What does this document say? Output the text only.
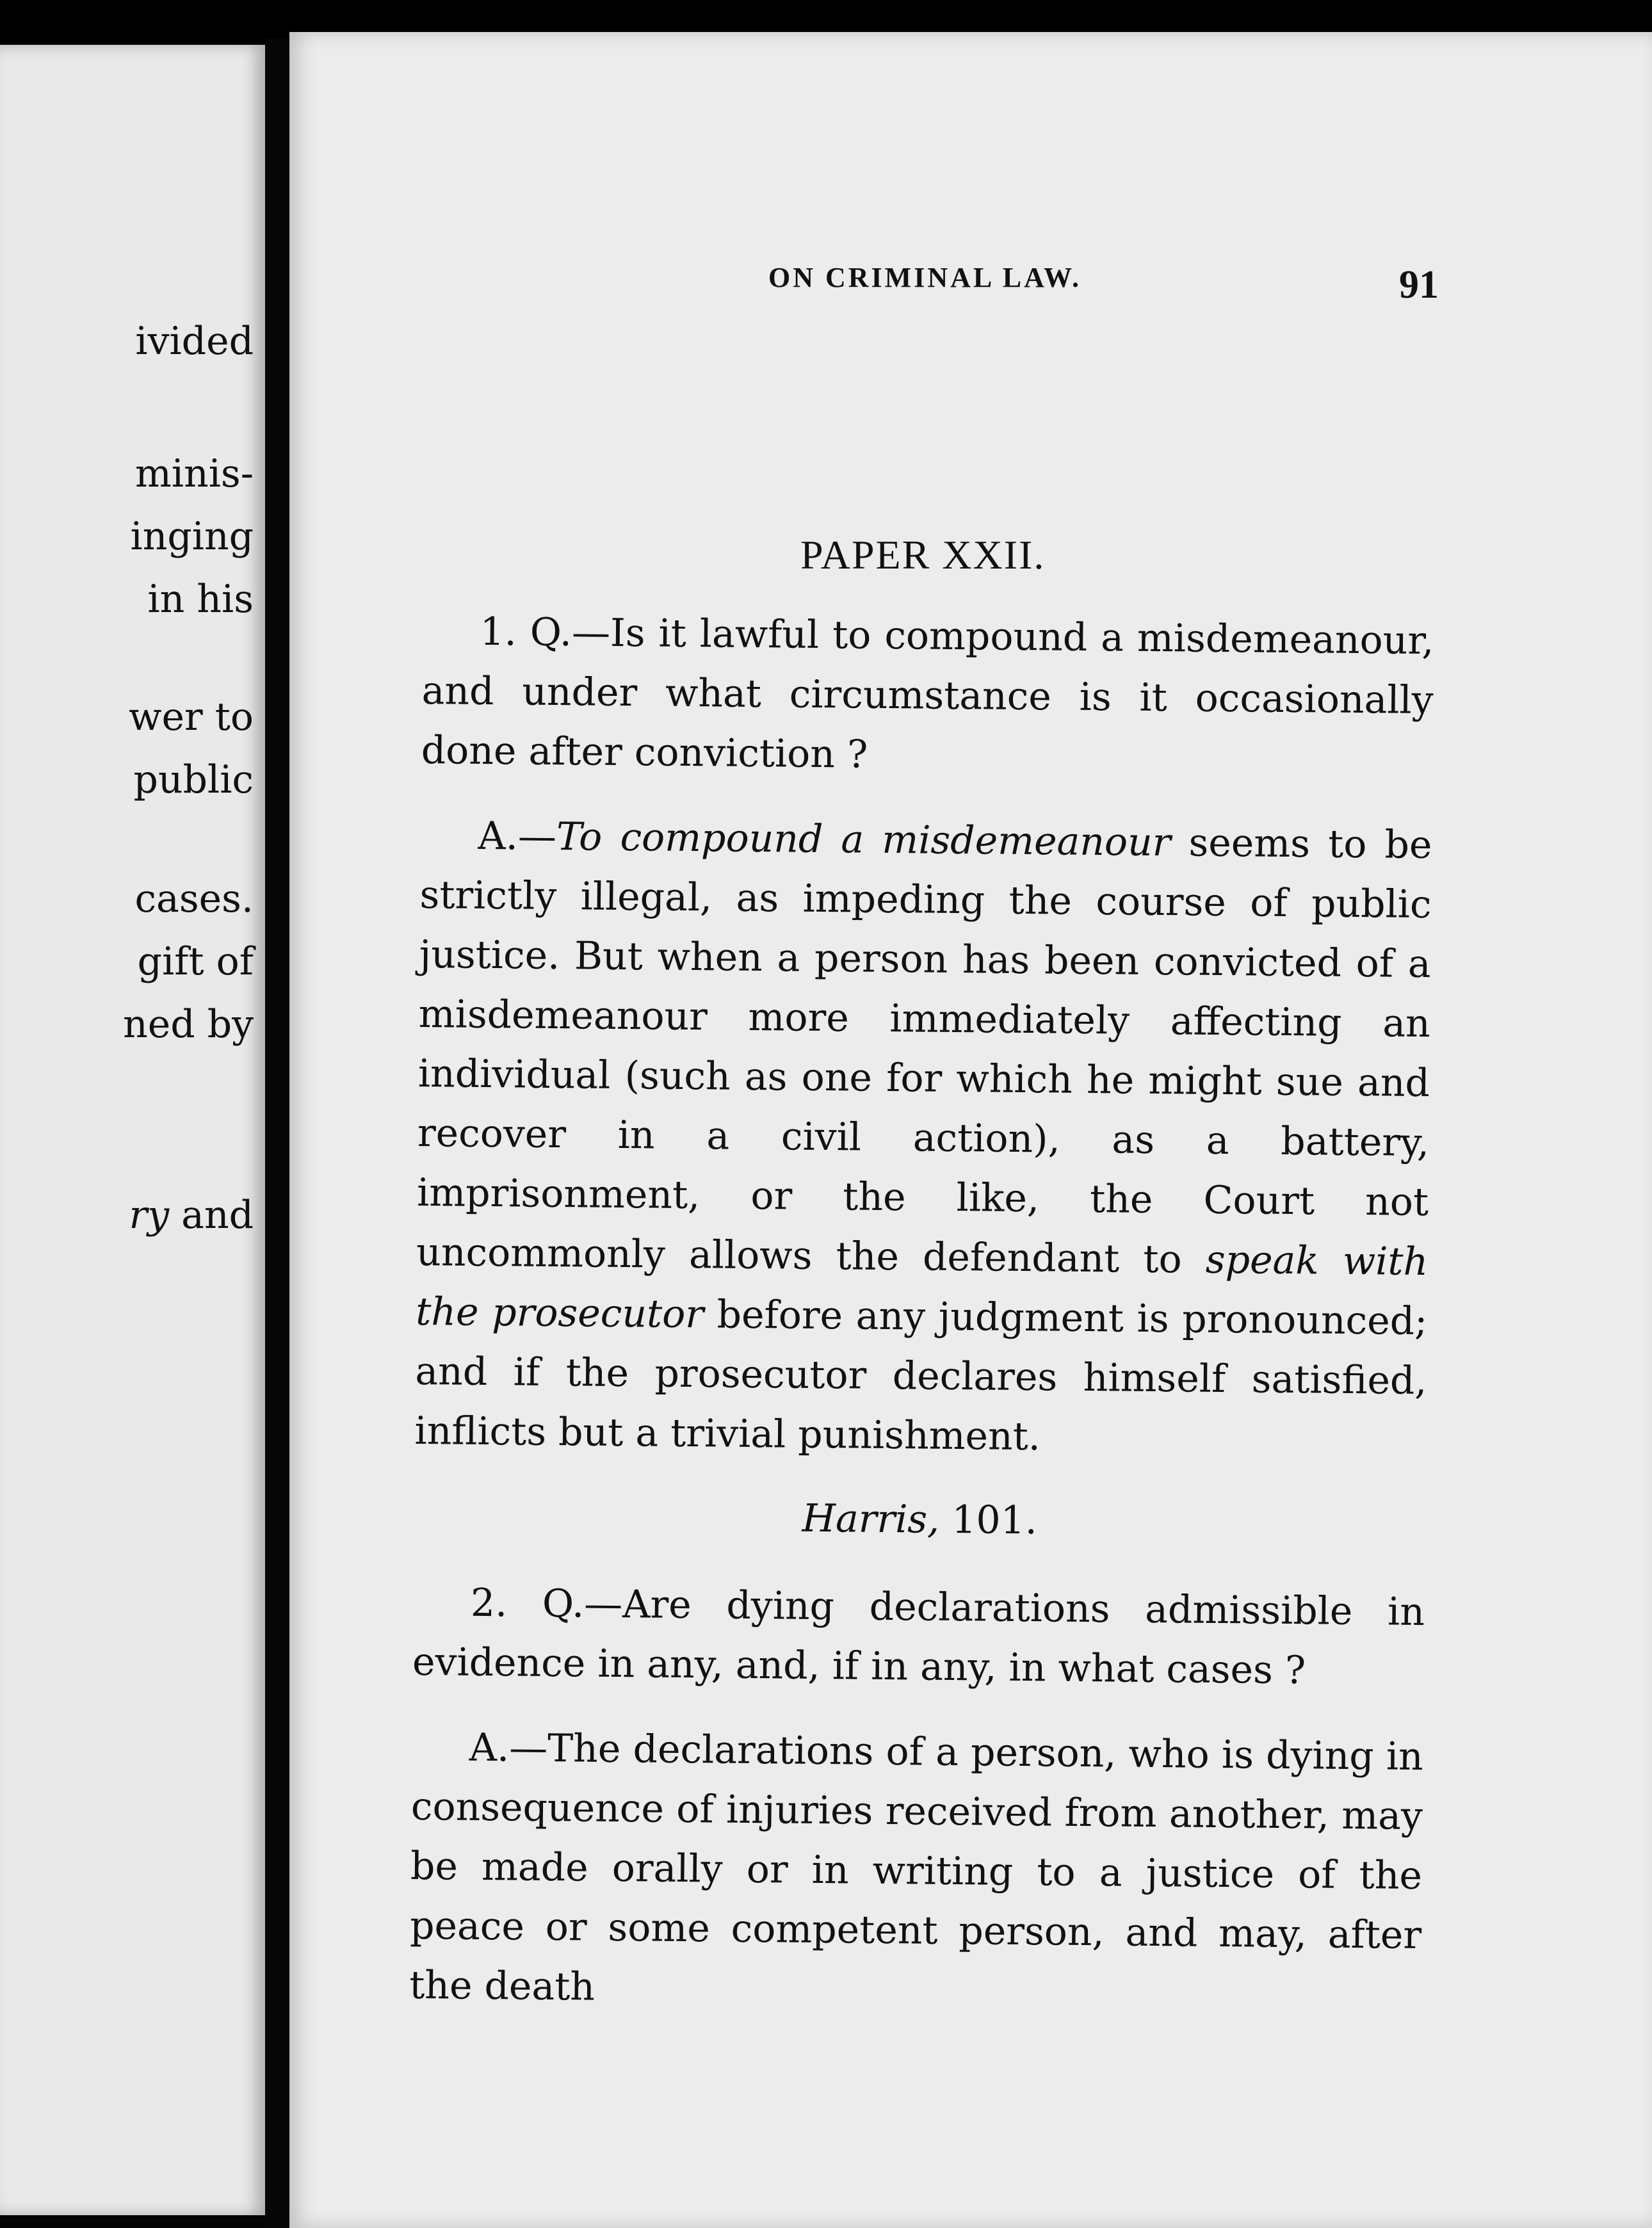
ivided
minis-
inging
in his
wer to
public
cases.
gift of
ned by
ry and
ON CRIMINAL LAW.	91
PAPER XXII.

1. Q.—Is it lawful to compound a misdemeanour, and under what circumstance is it occasionally done after conviction ?

A.—To compound a misdemeanour seems to be strictly illegal, as impeding the course of public justice. But when a person has been convicted of a misdemeanour more immediately affecting an individual (such as one for which he might sue and recover in a civil action), as a battery, imprisonment, or the like, the Court not uncommonly allows the defendant to speak with the prosecutor before any judgment is pronounced; and if the prosecutor declares himself satisfied, inflicts but a trivial punishment.

Harris, 101.

2. Q.—Are dying declarations admissible in evidence in any, and, if in any, in what cases ?

A.—The declarations of a person, who is dying in consequence of injuries received from another, may be made orally or in writing to a justice of the peace or some competent person, and may, after the death
